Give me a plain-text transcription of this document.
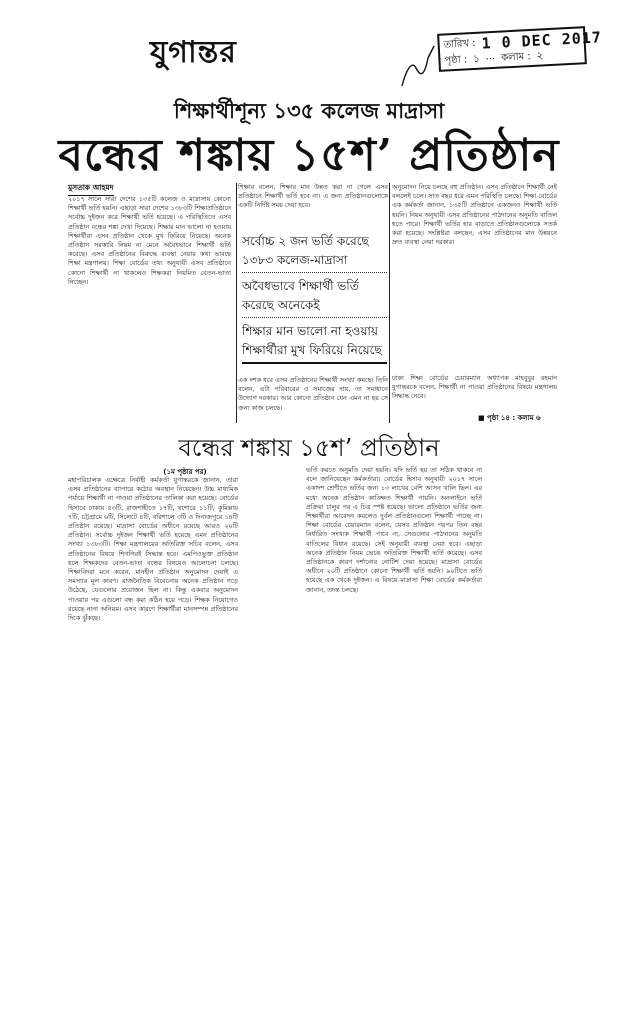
যুগান্তর	তারিখ : 1 0 DEC 2017
পৃষ্ঠা : ১ ··· কলাম : ২
শিক্ষার্থীশূন্য ১৩৫ কলেজ মাদ্রাসা
বন্ধের শঙ্কায় ১৫শ’ প্রতিষ্ঠান
মুসতাক আহমদ
২০১৭ সালে সারা দেশের ১৩৫টি কলেজ ও মাদ্রাসায় কোনো শিক্ষার্থী ভর্তি হয়নি। এছাড়া সারা দেশের ১৩৮৩টি শিক্ষাপ্রতিষ্ঠানে সর্বোচ্চ দুইজন করে শিক্ষার্থী ভর্তি হয়েছে। এ পরিস্থিতিতে এসব প্রতিষ্ঠান বন্ধের শঙ্কা দেখা দিয়েছে। শিক্ষার মান ভালো না হওয়ায় শিক্ষার্থীরা এসব প্রতিষ্ঠান থেকে মুখ ফিরিয়ে নিয়েছে। অনেক প্রতিষ্ঠান সরকারি নিয়ম না মেনে অবৈধভাবে শিক্ষার্থী ভর্তি করেছে। এসব প্রতিষ্ঠানের বিরুদ্ধে ব্যবস্থা নেয়ার কথা ভাবছে শিক্ষা মন্ত্রণালয়। শিক্ষা বোর্ডের তথ্য অনুযায়ী এসব প্রতিষ্ঠানে কোনো শিক্ষার্থী না থাকলেও শিক্ষকরা নিয়মিত বেতন-ভাতা নিচ্ছেন।
শিক্ষার বলেন, শিক্ষার মান উন্নত করা না গেলে এসব প্রতিষ্ঠানে শিক্ষার্থী ভর্তি হবে না। এ জন্য প্রতিষ্ঠানগুলোকে একটি নির্দিষ্ট সময় দেয়া হবে।
সর্বোচ্চ ২ জন ভর্তি করেছে ১৩৮৩ কলেজ-মাদ্রাসা
অবৈধভাবে শিক্ষার্থী ভর্তি করেছে অনেকেই
শিক্ষার মান ভালো না হওয়ায় শিক্ষার্থীরা মুখ ফিরিয়ে নিয়েছে
এক দশক ধরে এসব প্রতিষ্ঠানের শিক্ষার্থী সংখ্যা কমছে। তিনি বলেন, এটা পরিবারের ও সমাজের দায়, তা সমাধানে উদ্যোগ দরকার। আর কোনো প্রতিষ্ঠান যেন এমন না হয় সে জন্য কাজ চলছে।
অনুমোদন নিয়ে চলছে বহু প্রতিষ্ঠান। এসব প্রতিষ্ঠানে শিক্ষার্থী নেই বললেই চলে। সাত বছর ধরে এমন পরিস্থিতি চলছে। শিক্ষা বোর্ডের এক কর্মকর্তা জানান, ১৩৫টি প্রতিষ্ঠানে একজনও শিক্ষার্থী ভর্তি হয়নি। নিয়ম অনুযায়ী এসব প্রতিষ্ঠানের পাঠদানের অনুমতি বাতিল হতে পারে। শিক্ষার্থী ভর্তির হার বাড়াতে প্রতিষ্ঠানগুলোকে সতর্ক করা হয়েছে। সংশ্লিষ্টরা বলছেন, এসব প্রতিষ্ঠানের মান উন্নয়নে দ্রুত ব্যবস্থা নেয়া দরকার।
ঢাকা শিক্ষা বোর্ডের চেয়ারম্যান অধ্যাপক মাহবুবুর রহমান যুগান্তরকে বলেন, শিক্ষার্থী না পাওয়া প্রতিষ্ঠানের বিষয়ে মন্ত্রণালয় সিদ্ধান্ত নেবে।
■ পৃষ্ঠা ১৪ : কলাম ৬
বন্ধের শঙ্কায় ১৫শ’ প্রতিষ্ঠান
(১ম পৃষ্ঠার পর)
মহাপরিচালক এক্ষেত্রে নির্বাহী কর্মকর্তা যুগান্তরকে জানান, তারা এসব প্রতিষ্ঠানের ব্যাপারে কঠোর অবস্থান নিয়েছেন। উচ্চ মাধ্যমিক পর্যায়ে শিক্ষার্থী না পাওয়া প্রতিষ্ঠানের তালিকা করা হয়েছে। বোর্ডের হিসাবে ঢাকায় ৫৩টি, রাজশাহীতে ১৭টি, যশোরে ১১টি, কুমিল্লায় ৭টি, চট্টগ্রামে ৬টি, সিলেটে ৪টি, বরিশালে ৩টি ও দিনাজপুরে ১৪টি প্রতিষ্ঠান রয়েছে। মাদ্রাসা বোর্ডের অধীনে রয়েছে আরও ২০টি প্রতিষ্ঠান। সর্বোচ্চ দুইজন শিক্ষার্থী ভর্তি হয়েছে এমন প্রতিষ্ঠানের সংখ্যা ১৩৮৩টি। শিক্ষা মন্ত্রণালয়ের অতিরিক্ত সচিব বলেন, এসব প্রতিষ্ঠানের বিষয়ে শিগগিরই সিদ্ধান্ত হবে। এমপিওভুক্ত প্রতিষ্ঠান হলে শিক্ষকদের বেতন-ভাতা বন্ধের বিষয়েও আলোচনা চলছে। শিক্ষাবিদরা মনে করেন, মানহীন প্রতিষ্ঠান অনুমোদন দেয়াই এ সমস্যার মূল কারণ। রাজনৈতিক বিবেচনায় অনেক প্রতিষ্ঠান গড়ে উঠেছে, যেগুলোর প্রয়োজন ছিল না। কিন্তু একবার অনুমোদন পাওয়ার পর এগুলো বন্ধ করা কঠিন হয়ে পড়ে। শিক্ষক নিয়োগেও রয়েছে নানা অনিয়ম। এসব কারণে শিক্ষার্থীরা মানসম্পন্ন প্রতিষ্ঠানের দিকে ঝুঁকছে।
ভর্তি করতে অনুমতি দেয়া হয়নি। যদি ভর্তি হয় তা সঠিক থাকবে না বলে জানিয়েছেন কর্মকর্তারা। বোর্ডের হিসাব অনুযায়ী ২০১৭ সালে একাদশ শ্রেণীতে ভর্তির জন্য ১৩ লাখের বেশি আসন খালি ছিল। এর মধ্যে অনেক প্রতিষ্ঠান কাঙ্ক্ষিত শিক্ষার্থী পায়নি। অনলাইনে ভর্তি প্রক্রিয়া চালুর পর এ চিত্র স্পষ্ট হয়েছে। ভালো প্রতিষ্ঠানে ভর্তির জন্য শিক্ষার্থীরা আবেদন করলেও দুর্বল প্রতিষ্ঠানগুলো শিক্ষার্থী পাচ্ছে না। শিক্ষা বোর্ডের চেয়ারম্যান বলেন, যেসব প্রতিষ্ঠান পরপর তিন বছর নির্ধারিত সংখ্যক শিক্ষার্থী পাবে না, সেগুলোর পাঠদানের অনুমতি বাতিলের বিধান রয়েছে। সেই অনুযায়ী ব্যবস্থা নেয়া হবে। এছাড়া অনেক প্রতিষ্ঠান নিয়ম ভেঙে অতিরিক্ত শিক্ষার্থী ভর্তি করেছে। এসব প্রতিষ্ঠানকে কারণ দর্শানোর নোটিশ দেয়া হয়েছে। মাদ্রাসা বোর্ডের অধীনে ২০টি প্রতিষ্ঠানে কোনো শিক্ষার্থী ভর্তি হয়নি। ৯০টিতে ভর্তি হয়েছে এক থেকে দুইজন। এ বিষয়ে মাদ্রাসা শিক্ষা বোর্ডের কর্মকর্তারা জানান, তদন্ত চলছে।
